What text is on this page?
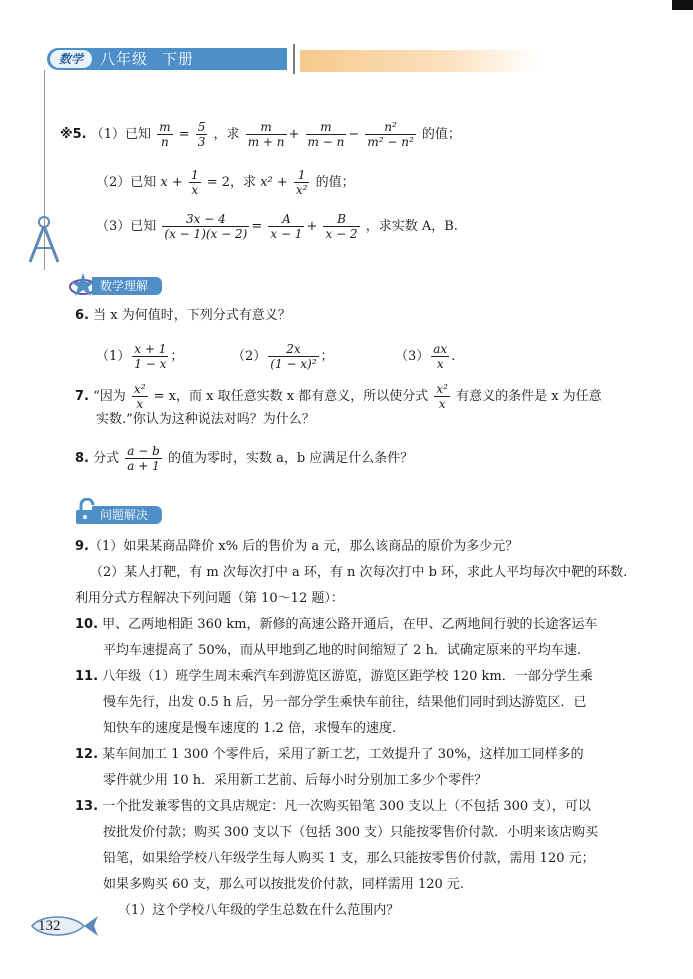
数学	八年级 下册
※5. （1）已知 $\frac{m}{n} = \frac{5}{3}$ ，求 $\frac{m}{m + n} + \frac{m}{m - n} - \frac{\text{n²}}{\text{m² − n²}}$ 的值；
（2）已知 $x + \frac{1}{x} = 2$，求 $x^2 + \frac{1}{\text{x²}}$ 的值；
（3）已知 $\frac{3x - 4}{(x - 1)(x - 2)} = \frac{A}{x - 1} + \frac{B}{x - 2}$ ，求实数 A，B.
数学理解
6. 当 x 为何值时，下列分式有意义？
$(1) \frac{x + 1}{1 - x}$ ；	$(2) \frac{2x}{\text{(1 − x)²}}$ ；	$(3) \frac{ax}{x}$ .
7. “因为 $\frac{\text{x²}}{x} = x$，而 x 取任意实数 x 都有意义，所以使分式 $\frac{\text{x²}}{x}$ 有意义的条件是 x 为任意
实数.”你认为这种说法对吗？为什么？
8. 分式 $\frac{a - b}{a + 1}$ 的值为零时，实数 a，b 应满足什么条件？
问题解决
9.（1）如果某商品降价 x% 后的售价为 a 元，那么该商品的原价为多少元？
（2）某人打靶，有 m 次每次打中 a 环，有 n 次每次打中 b 环，求此人平均每次中靶的环数.
利用分式方程解决下列问题（第 10～12 题）：
10. 甲、乙两地相距 360 km，新修的高速公路开通后，在甲、乙两地间行驶的长途客运车
平均车速提高了 50%，而从甲地到乙地的时间缩短了 2 h．试确定原来的平均车速.
11. 八年级（1）班学生周末乘汽车到游览区游览，游览区距学校 120 km．一部分学生乘
慢车先行，出发 0.5 h 后，另一部分学生乘快车前往，结果他们同时到达游览区．已
知快车的速度是慢车速度的 1.2 倍，求慢车的速度.
12. 某车间加工 1 300 个零件后，采用了新工艺，工效提升了 30%，这样加工同样多的
零件就少用 10 h．采用新工艺前、后每小时分别加工多少个零件？
13. 一个批发兼零售的文具店规定：凡一次购买铅笔 300 支以上（不包括 300 支），可以
按批发价付款；购买 300 支以下（包括 300 支）只能按零售价付款．小明来该店购买
铅笔，如果给学校八年级学生每人购买 1 支，那么只能按零售价付款，需用 120 元；
如果多购买 60 支，那么可以按批发价付款，同样需用 120 元.
（1）这个学校八年级的学生总数在什么范围内？
132
